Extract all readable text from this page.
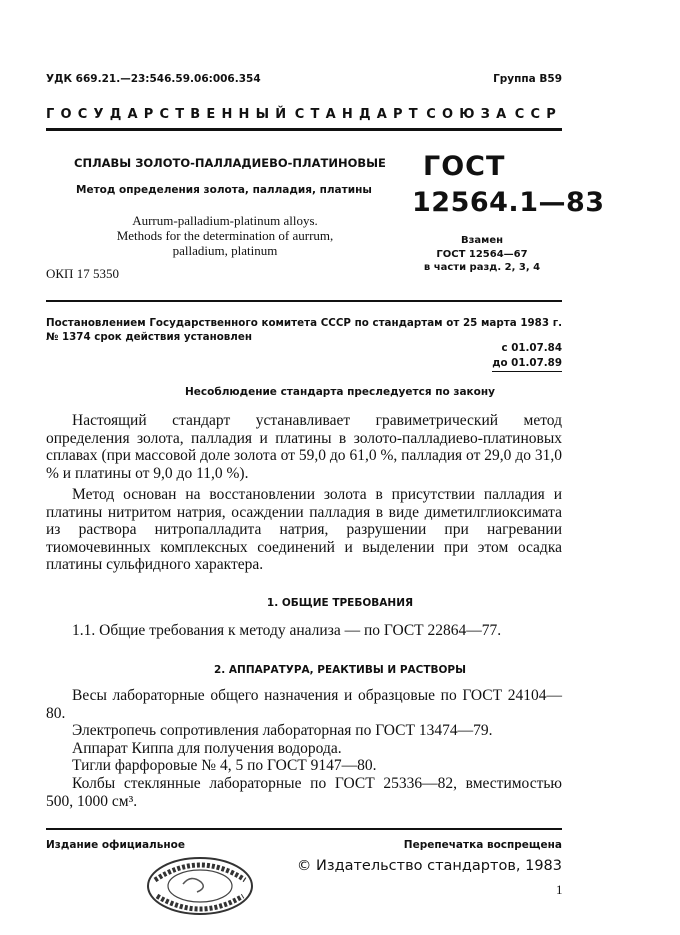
УДК 669.21.—23:546.59.06:006.354	Группа В59
ГОСУДАРСТВЕННЫЙ СТАНДАРТ СОЮЗА ССР
СПЛАВЫ ЗОЛОТО-ПАЛЛАДИЕВО-ПЛАТИНОВЫЕ
Метод определения золота, палладия, платины
Aurrum-palladium-platinum alloys.
Methods for the determination of aurrum,
palladium, platinum
ОКП 17 5350
ГОСТ
12564.1—83
Взамен
ГОСТ 12564—67
в части разд. 2, 3, 4
Постановлением Государственного комитета СССР по стандартам от 25 марта 1983 г. № 1374 срок действия установлен
с 01.07.84
до 01.07.89
Несоблюдение стандарта преследуется по закону

Настоящий стандарт устанавливает гравиметрический метод определения золота, палладия и платины в золото-палладиево-платиновых сплавах (при массовой доле золота от 59,0 до 61,0 %, палладия от 29,0 до 31,0 % и платины от 9,0 до 11,0 %).

Метод основан на восстановлении золота в присутствии палладия и платины нитритом натрия, осаждении палладия в виде диметилглиоксимата из раствора нитропалладита натрия, разрушении при нагревании тиомочевинных комплексных соединений и выделении при этом осадка платины сульфидного характера.

1. ОБЩИЕ ТРЕБОВАНИЯ
1.1. Общие требования к методу анализа — по ГОСТ 22864—77.
2. АППАРАТУРА, РЕАКТИВЫ И РАСТВОРЫ
Весы лабораторные общего назначения и образцовые по ГОСТ 24104—80.
Электропечь сопротивления лабораторная по ГОСТ 13474—79.
Аппарат Киппа для получения водорода.
Тигли фарфоровые № 4, 5 по ГОСТ 9147—80.
Колбы стеклянные лабораторные по ГОСТ 25336—82, вместимостью 500, 1000 см³.
Издание официальное	Перепечатка воспрещена
© Издательство стандартов, 1983
1
